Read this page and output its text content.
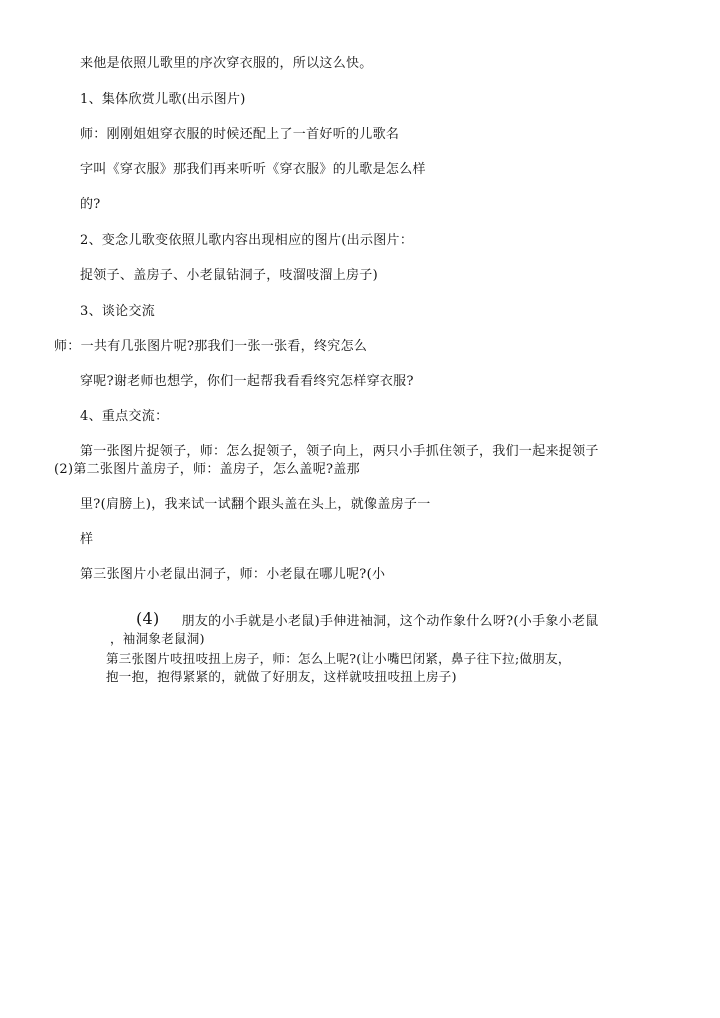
来他是依照儿歌里的序次穿衣服的，所以这么快。
1、集体欣赏儿歌(出示图片)
师：刚刚姐姐穿衣服的时候还配上了一首好听的儿歌名
字叫《穿衣服》那我们再来听听《穿衣服》的儿歌是怎么样
的?
2、变念儿歌变依照儿歌内容出现相应的图片(出示图片：
捉领子、盖房子、小老鼠钻洞子，吱溜吱溜上房子)
3、谈论交流
师：一共有几张图片呢?那我们一张一张看，终究怎么
穿呢?谢老师也想学，你们一起帮我看看终究怎样穿衣服?
4、重点交流：
第一张图片捉领子，师：怎么捉领子，领子向上，两只小手抓住领子，我们一起来捉领子
(2)第二张图片盖房子，师：盖房子，怎么盖呢?盖那
里?(肩膀上)，我来试一试翻个跟头盖在头上，就像盖房子一
样
第三张图片小老鼠出洞子，师：小老鼠在哪儿呢?(小
(4) 朋友的小手就是小老鼠)手伸进袖洞，这个动作象什么呀?(小手象小老鼠
，袖洞象老鼠洞)
第三张图片吱扭吱扭上房子，师：怎么上呢?(让小嘴巴闭紧，鼻子往下拉;做朋友，
抱一抱，抱得紧紧的，就做了好朋友，这样就吱扭吱扭上房子)
